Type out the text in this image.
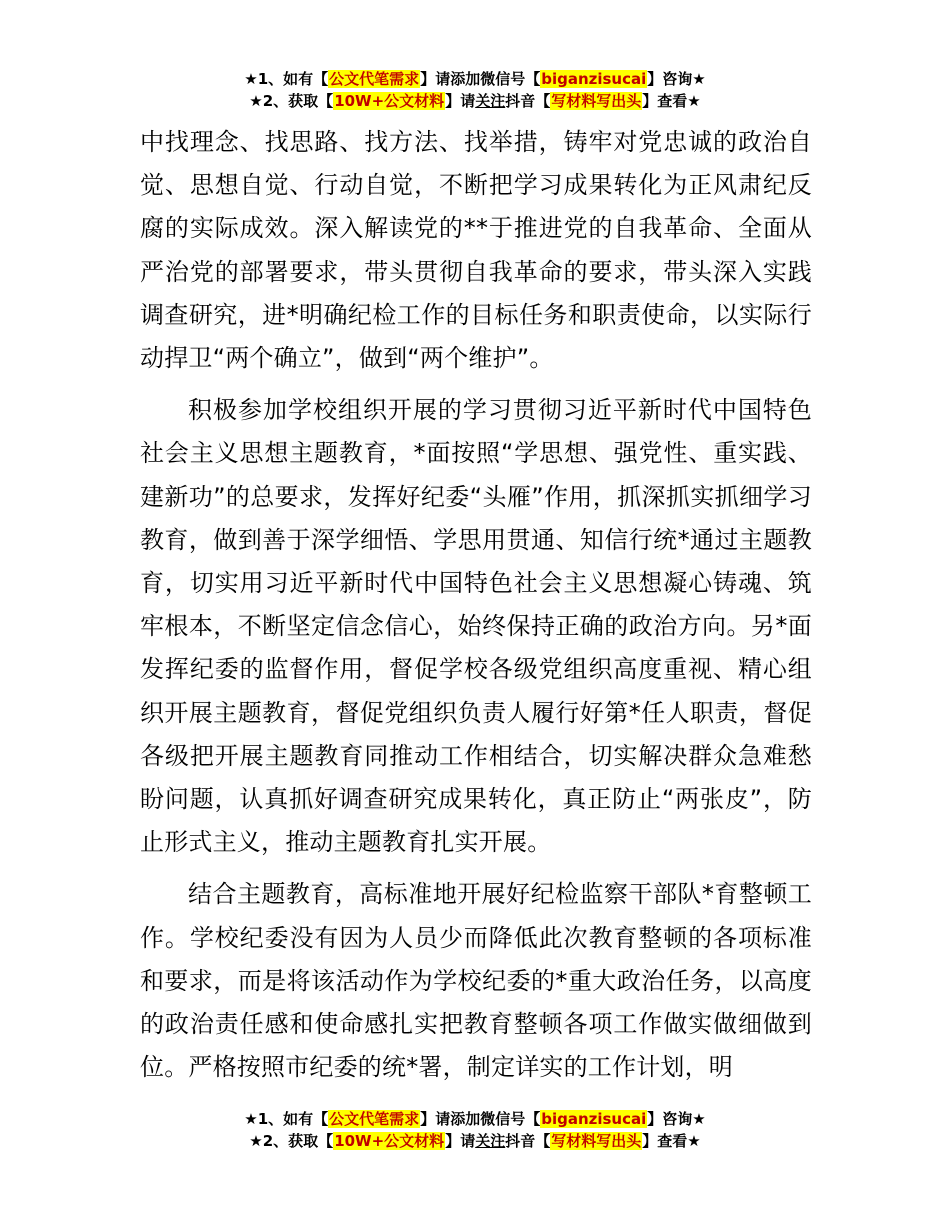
★1、如有【公文代笔需求】请添加微信号【biganzisucai】咨询★
★2、获取【10W+公文材料】请关注抖音【写材料写出头】查看★

中找理念、找思路、找方法、找举措，铸牢对党忠诚的政治自觉、思想自觉、行动自觉，不断把学习成果转化为正风肃纪反腐的实际成效。深入解读党的**于推进党的自我革命、全面从严治党的部署要求，带头贯彻自我革命的要求，带头深入实践调查研究，进*明确纪检工作的目标任务和职责使命，以实际行动捍卫“两个确立”，做到“两个维护”。

积极参加学校组织开展的学习贯彻习近平新时代中国特色社会主义思想主题教育，*面按照“学思想、强党性、重实践、建新功”的总要求，发挥好纪委“头雁”作用，抓深抓实抓细学习教育，做到善于深学细悟、学思用贯通、知信行统*通过主题教育，切实用习近平新时代中国特色社会主义思想凝心铸魂、筑牢根本，不断坚定信念信心，始终保持正确的政治方向。另*面发挥纪委的监督作用，督促学校各级党组织高度重视、精心组织开展主题教育，督促党组织负责人履行好第*任人职责，督促各级把开展主题教育同推动工作相结合，切实解决群众急难愁盼问题，认真抓好调查研究成果转化，真正防止“两张皮”，防止形式主义，推动主题教育扎实开展。

结合主题教育，高标准地开展好纪检监察干部队*育整顿工作。学校纪委没有因为人员少而降低此次教育整顿的各项标准和要求，而是将该活动作为学校纪委的*重大政治任务，以高度的政治责任感和使命感扎实把教育整顿各项工作做实做细做到位。严格按照市纪委的统*署，制定详实的工作计划，明

★1、如有【公文代笔需求】请添加微信号【biganzisucai】咨询★
★2、获取【10W+公文材料】请关注抖音【写材料写出头】查看★
